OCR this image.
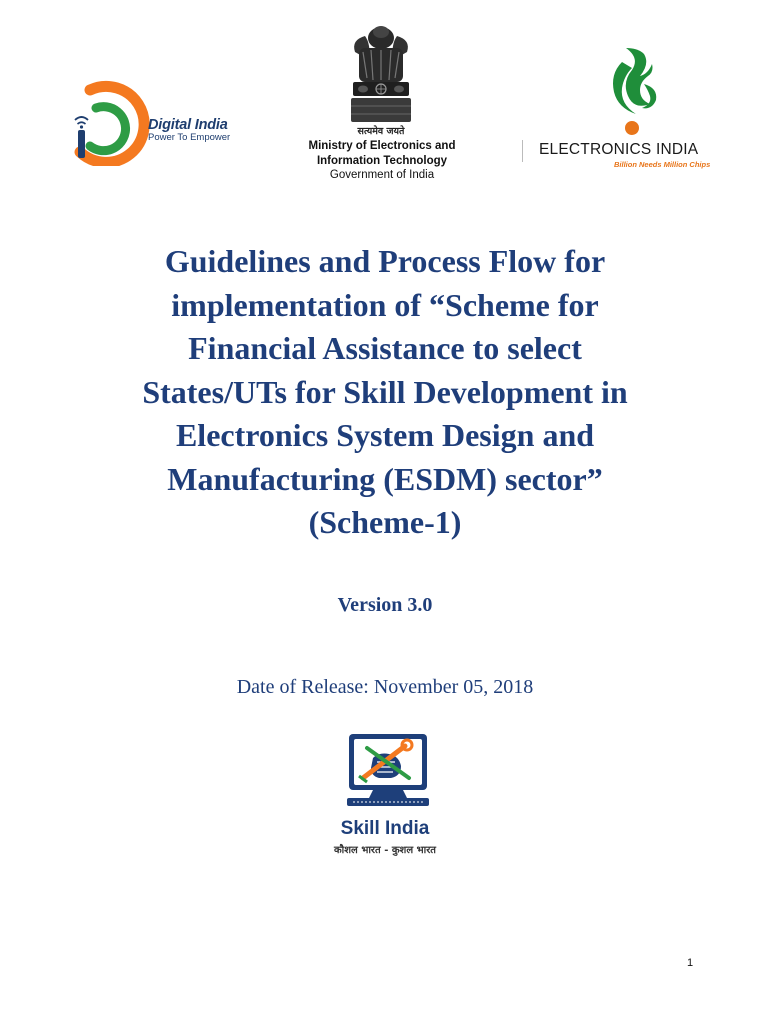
Digital India
Power To Empower
सत्यमेव जयते
Ministry of Electronics and
Information Technology
Government of India
ELECTRONICS INDIA
Billion Needs Million Chips
Guidelines and Process Flow for
implementation of “Scheme for
Financial Assistance to select
States/UTs for Skill Development in
Electronics System Design and
Manufacturing (ESDM) sector”
(Scheme-1)
Version 3.0
Date of Release: November 05, 2018
Skill India
कौशल भारत - कुशल भारत
1
